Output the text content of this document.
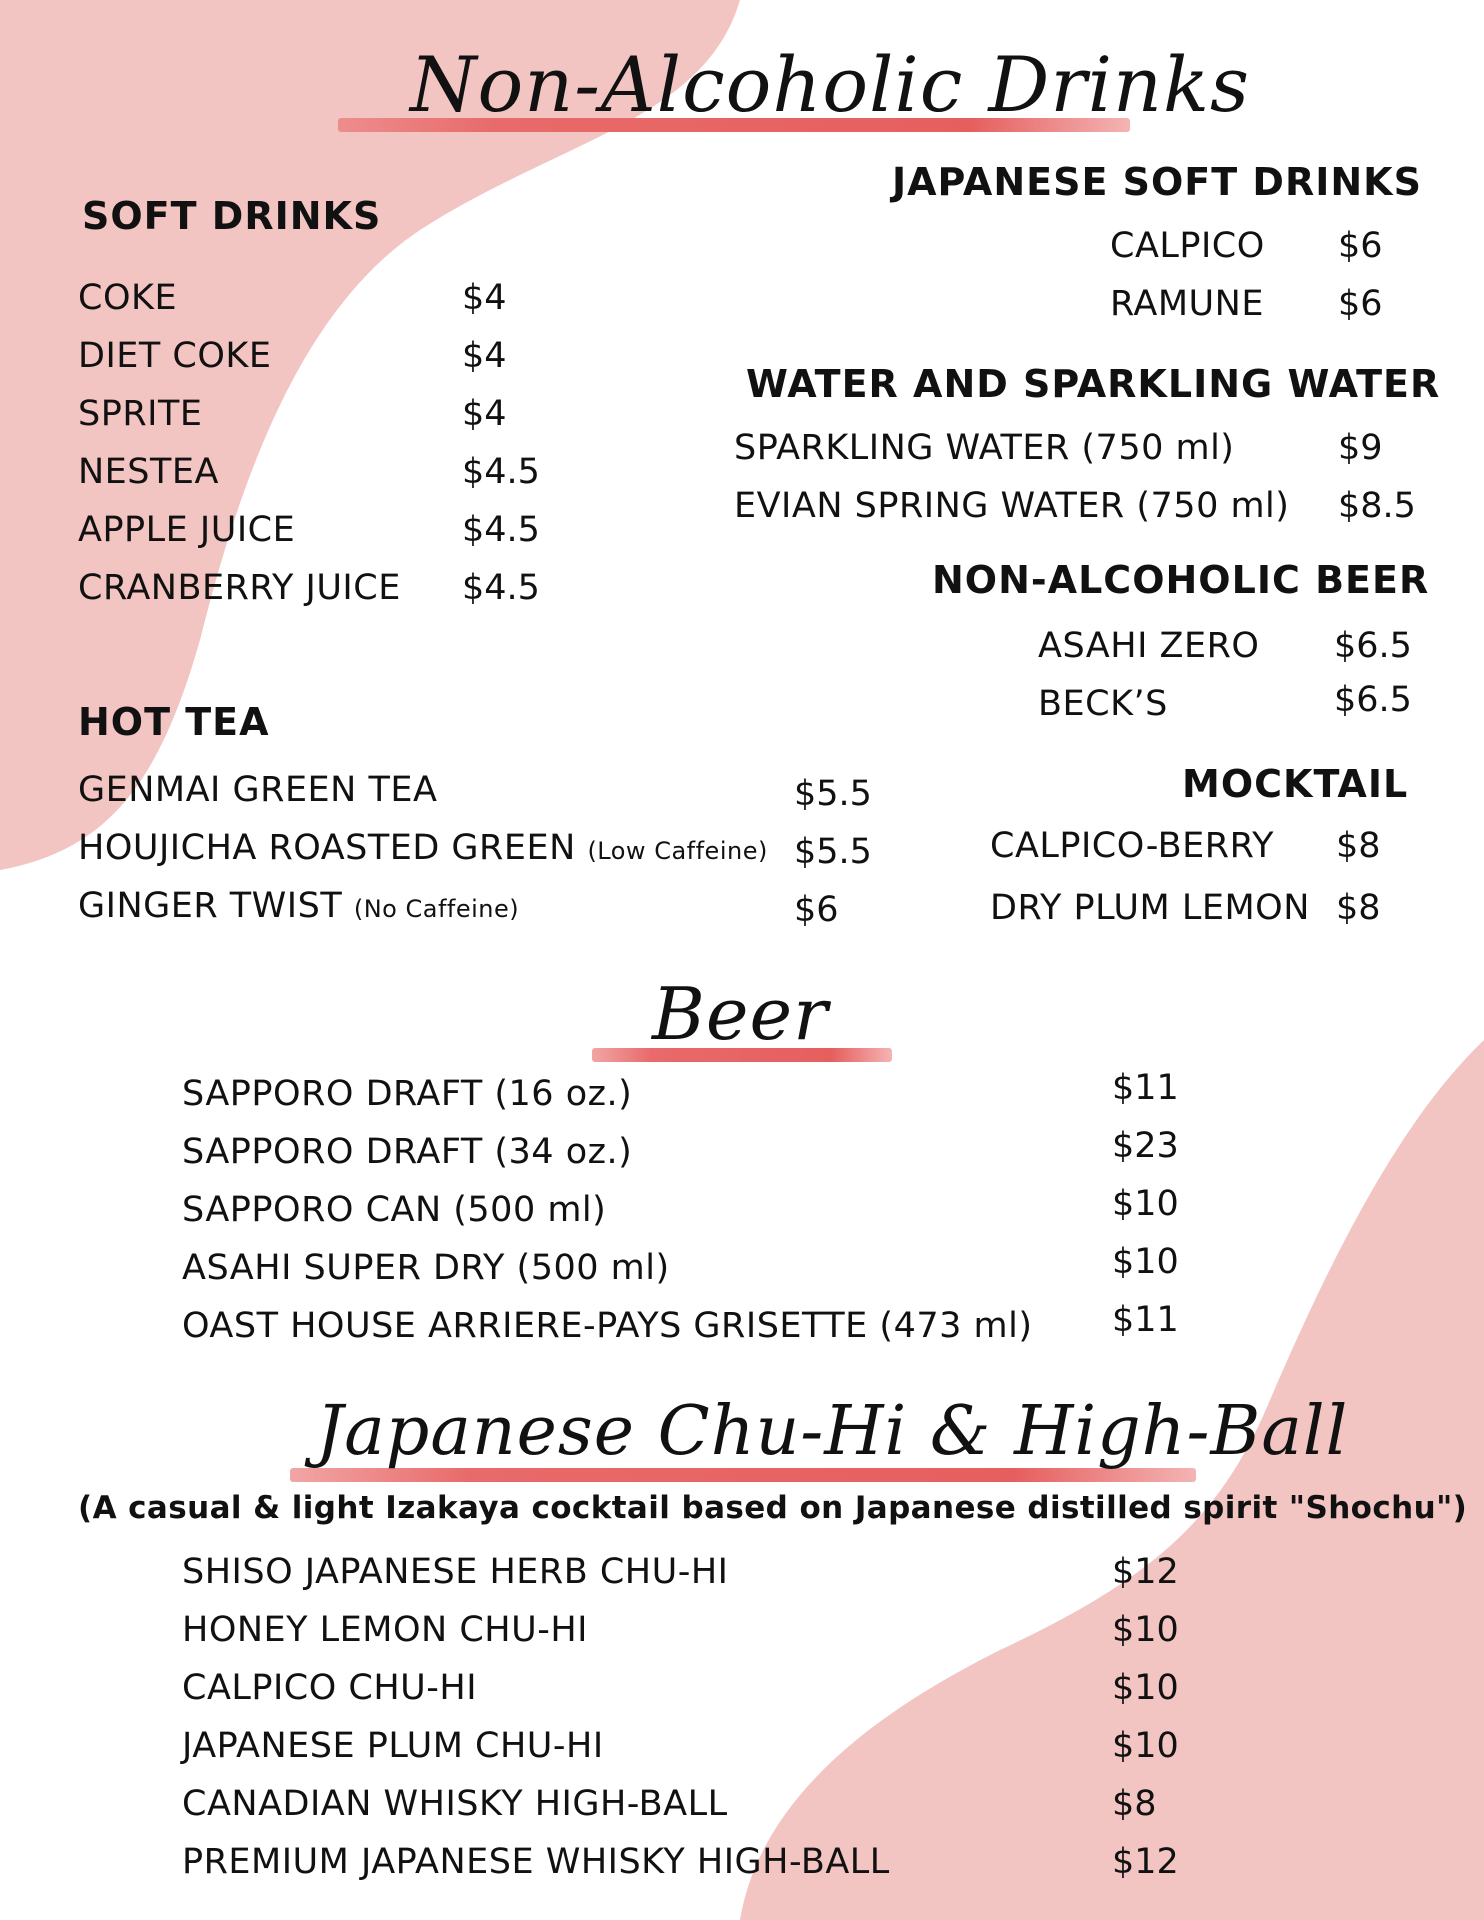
Non-Alcoholic Drinks
SOFT DRINKS
COKE	$4
DIET COKE	$4
SPRITE	$4
NESTEA	$4.5
APPLE JUICE	$4.5
CRANBERRY JUICE $4.5
JAPANESE SOFT DRINKS
CALPICO $6
RAMUNE $6
WATER AND SPARKLING WATER
SPARKLING WATER (750 ml)	$9
EVIAN SPRING WATER (750 ml) $8.5
NON-ALCOHOLIC BEER
ASAHI ZERO $6.5
BECK’S	$6.5
HOT TEA
GENMAI GREEN TEA	$5.5
HOUJICHA ROASTED GREEN (Low Caffeine) $5.5
GINGER TWIST (No Caffeine)	$6
MOCKTAIL
CALPICO-BERRY $8
DRY PLUM LEMON $8
Beer
SAPPORO DRAFT (16 oz.)	$11
SAPPORO DRAFT (34 oz.)	$23
SAPPORO CAN (500 ml)	$10
ASAHI SUPER DRY (500 ml)	$10
OAST HOUSE ARRIERE-PAYS GRISETTE (473 ml) $11
Japanese Chu-Hi & High-Ball
(A casual & light Izakaya cocktail based on Japanese distilled spirit "Shochu")
SHISO JAPANESE HERB CHU-HI	$12
HONEY LEMON CHU-HI	$10
CALPICO CHU-HI	$10
JAPANESE PLUM CHU-HI	$10
CANADIAN WHISKY HIGH-BALL	$8
PREMIUM JAPANESE WHISKY HIGH-BALL	$12
